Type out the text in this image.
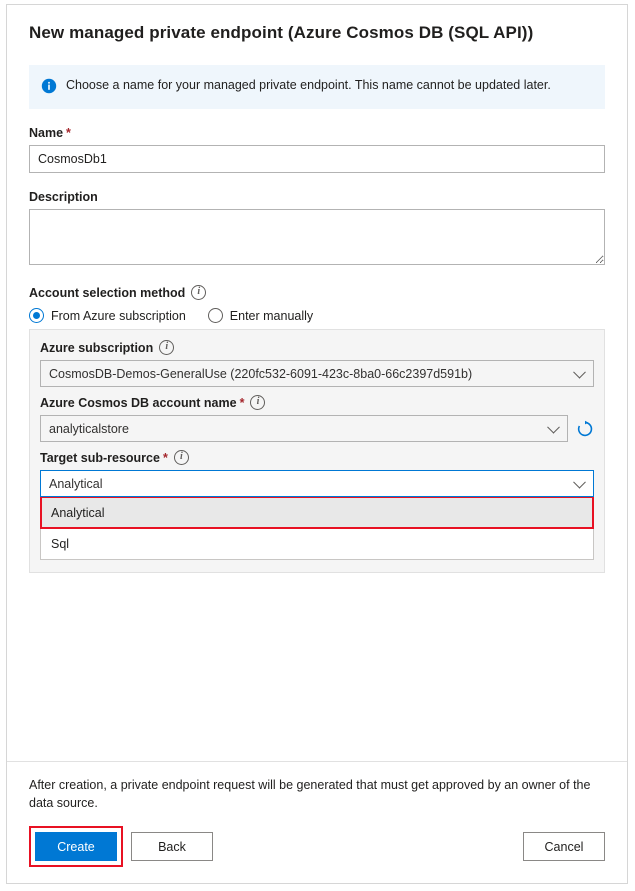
New managed private endpoint (Azure Cosmos DB (SQL API))
Choose a name for your managed private endpoint. This name cannot be updated later.
Name *
CosmosDb1
Description
Account selection method
i
From Azure subscription	Enter manually
Azure subscription
i
CosmosDB-Demos-GeneralUse (220fc532-6091-423c-8ba0-66c2397d591b)
Azure Cosmos DB account name *
i
analyticalstore
Target sub-resource *
i
Analytical
Analytical
Sql
After creation, a private endpoint request will be generated that must get approved by an owner of the data source.
Create	Back	Cancel
